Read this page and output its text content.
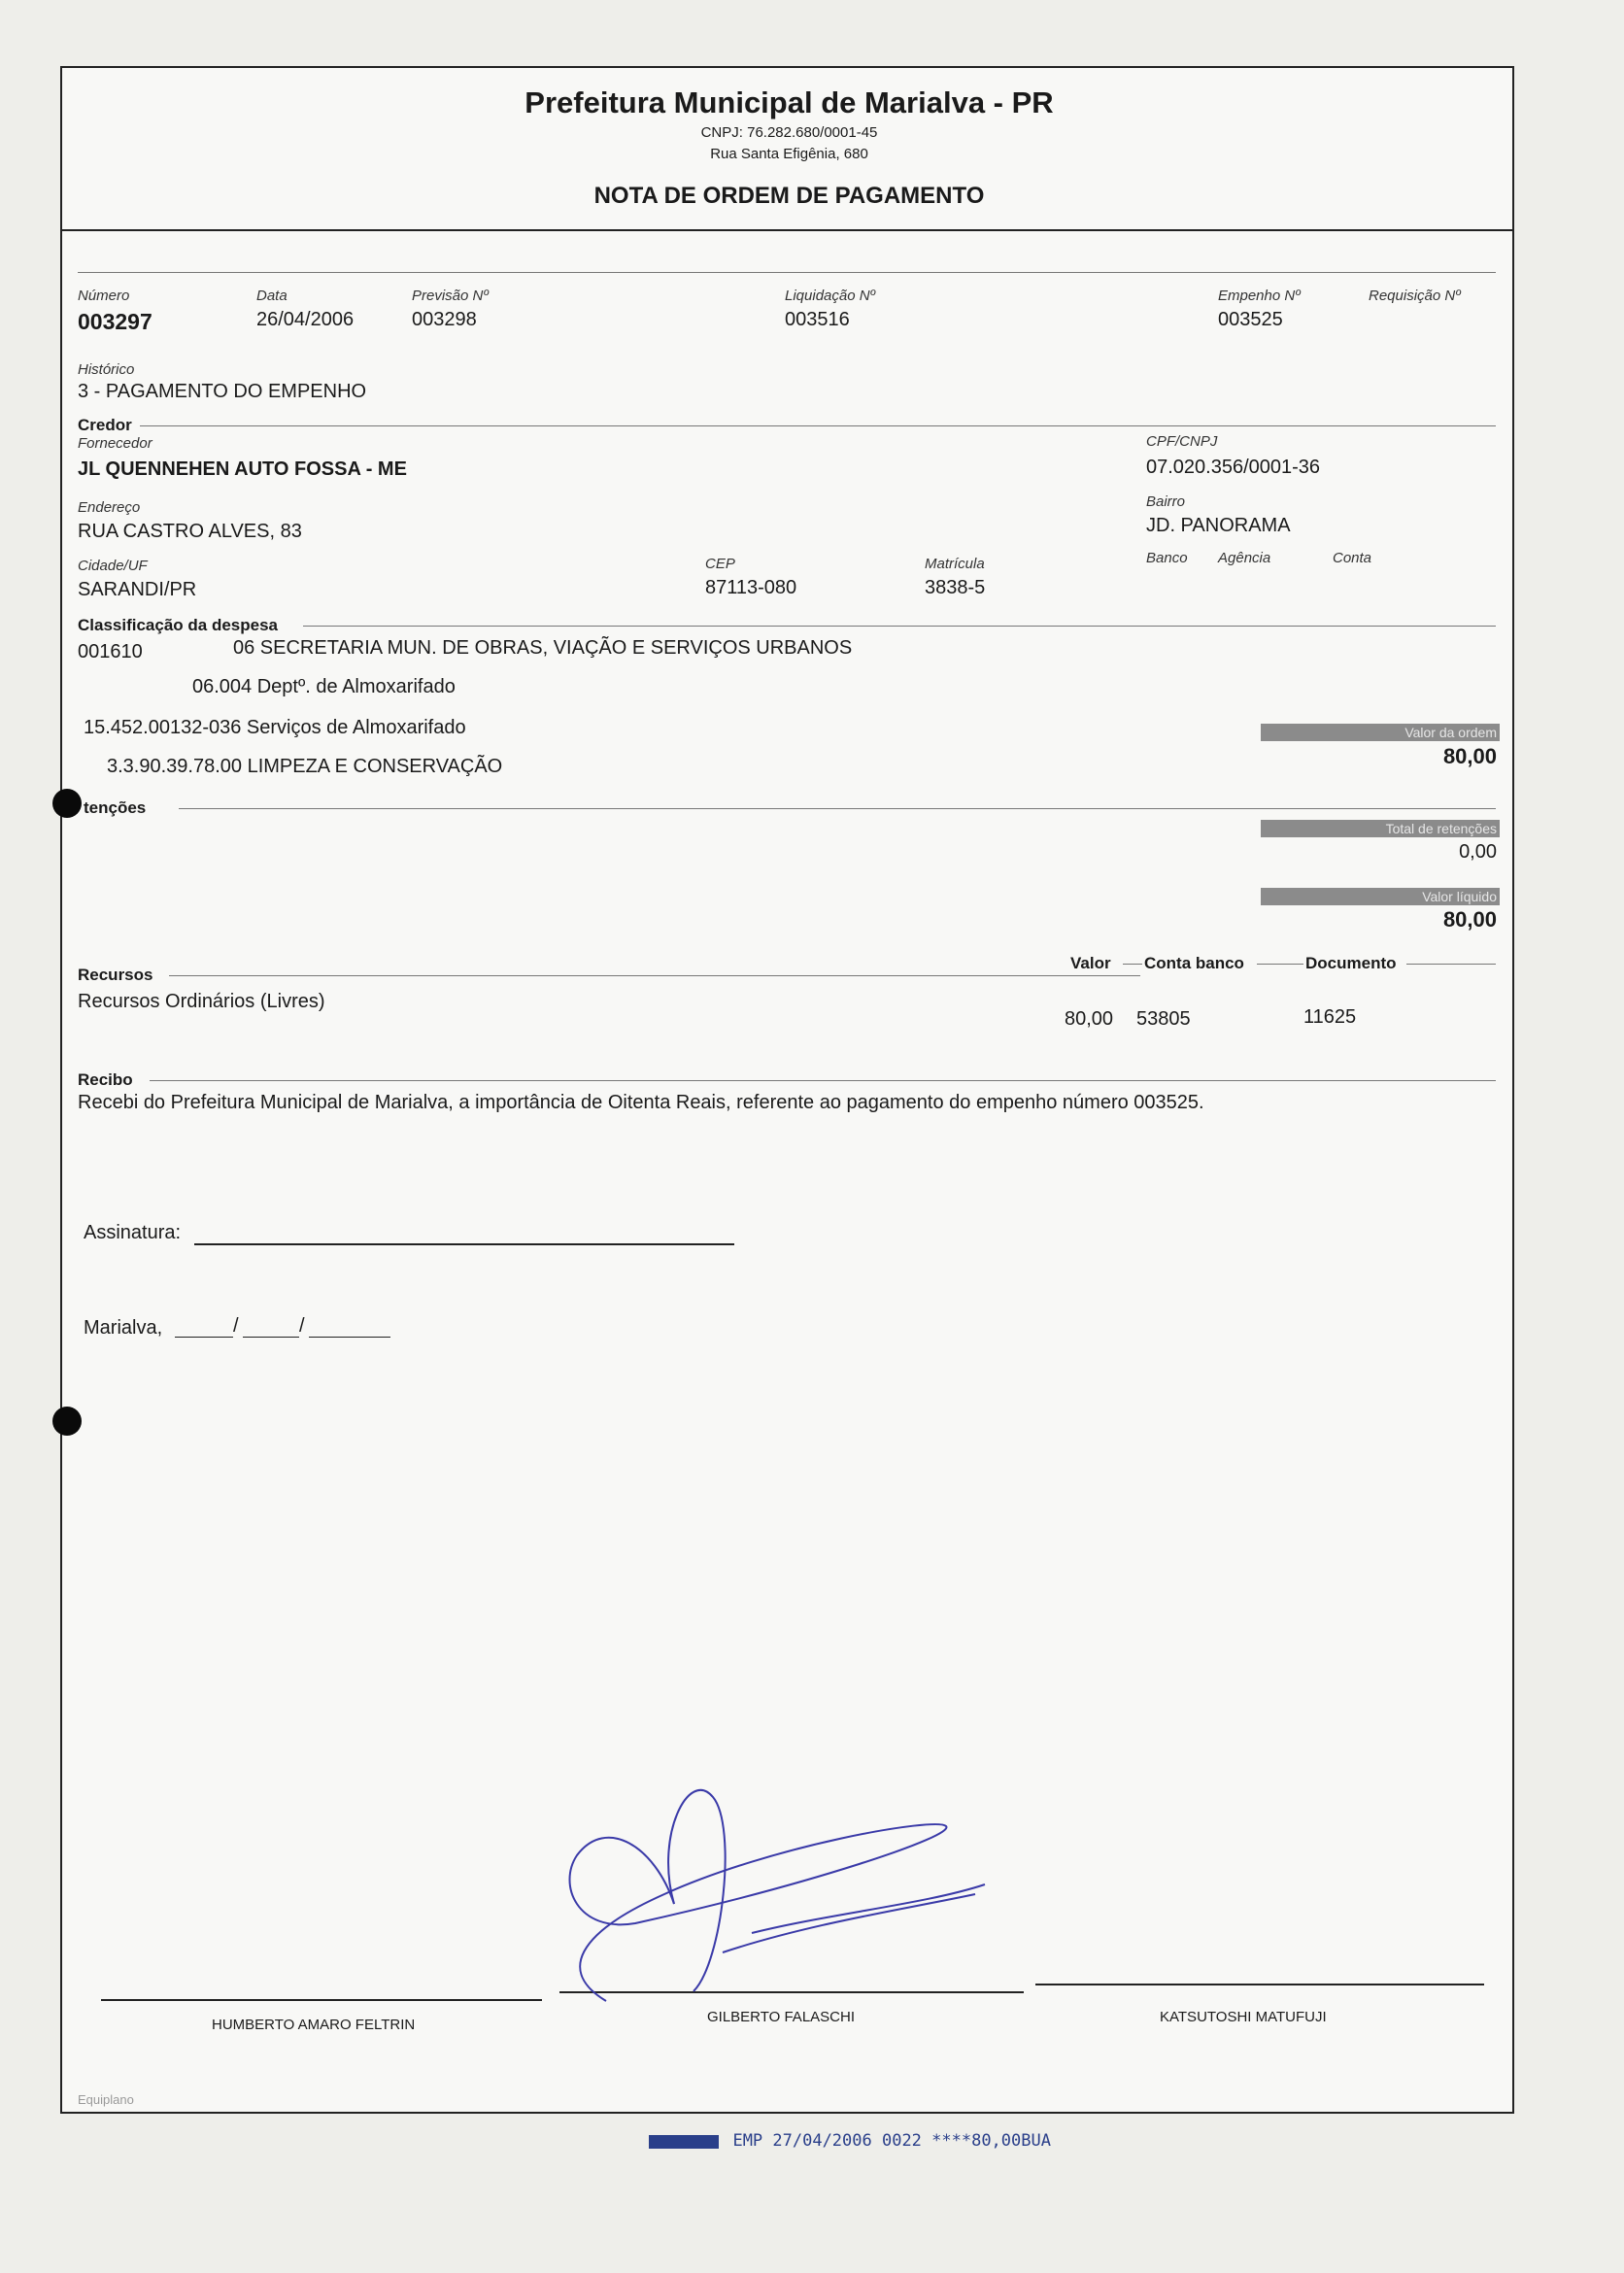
Prefeitura Municipal de Marialva - PR
CNPJ: 76.282.680/0001-45
Rua Santa Efigênia, 680
NOTA DE ORDEM DE PAGAMENTO
Número
003297
Data
26/04/2006
Previsão Nº
003298
Liquidação Nº
003516
Empenho Nº
003525
Requisição Nº
Histórico
3 - PAGAMENTO DO EMPENHO
Credor
Fornecedor
JL QUENNEHEN AUTO FOSSA - ME
CPF/CNPJ
07.020.356/0001-36
Endereço
RUA CASTRO ALVES, 83
Bairro
JD. PANORAMA
Cidade/UF
SARANDI/PR
CEP
87113-080
Matrícula
3838-5
Banco Agência	Conta
Classificação da despesa
001610	06 SECRETARIA MUN. DE OBRAS, VIAÇÃO E SERVIÇOS URBANOS
06.004 Deptº. de Almoxarifado
15.452.00132-036 Serviços de Almoxarifado
3.3.90.39.78.00 LIMPEZA E CONSERVAÇÃO
Valor da ordem
80,00
tenções
Total de retenções
0,00
Valor líquido
80,00
Recursos
Valor Conta banco	Documento
Recursos Ordinários (Livres)
80,00 53805	11625
Recibo
Recebi do Prefeitura Municipal de Marialva, a importância de Oitenta Reais, referente ao pagamento do empenho número 003525.
Assinatura:
Marialva,	/	/
HUMBERTO AMARO FELTRIN	GILBERTO FALASCHI	KATSUTOSHI MATUFUJI
Equiplano
EMP 27/04/2006 0022 ****80,00BUA
